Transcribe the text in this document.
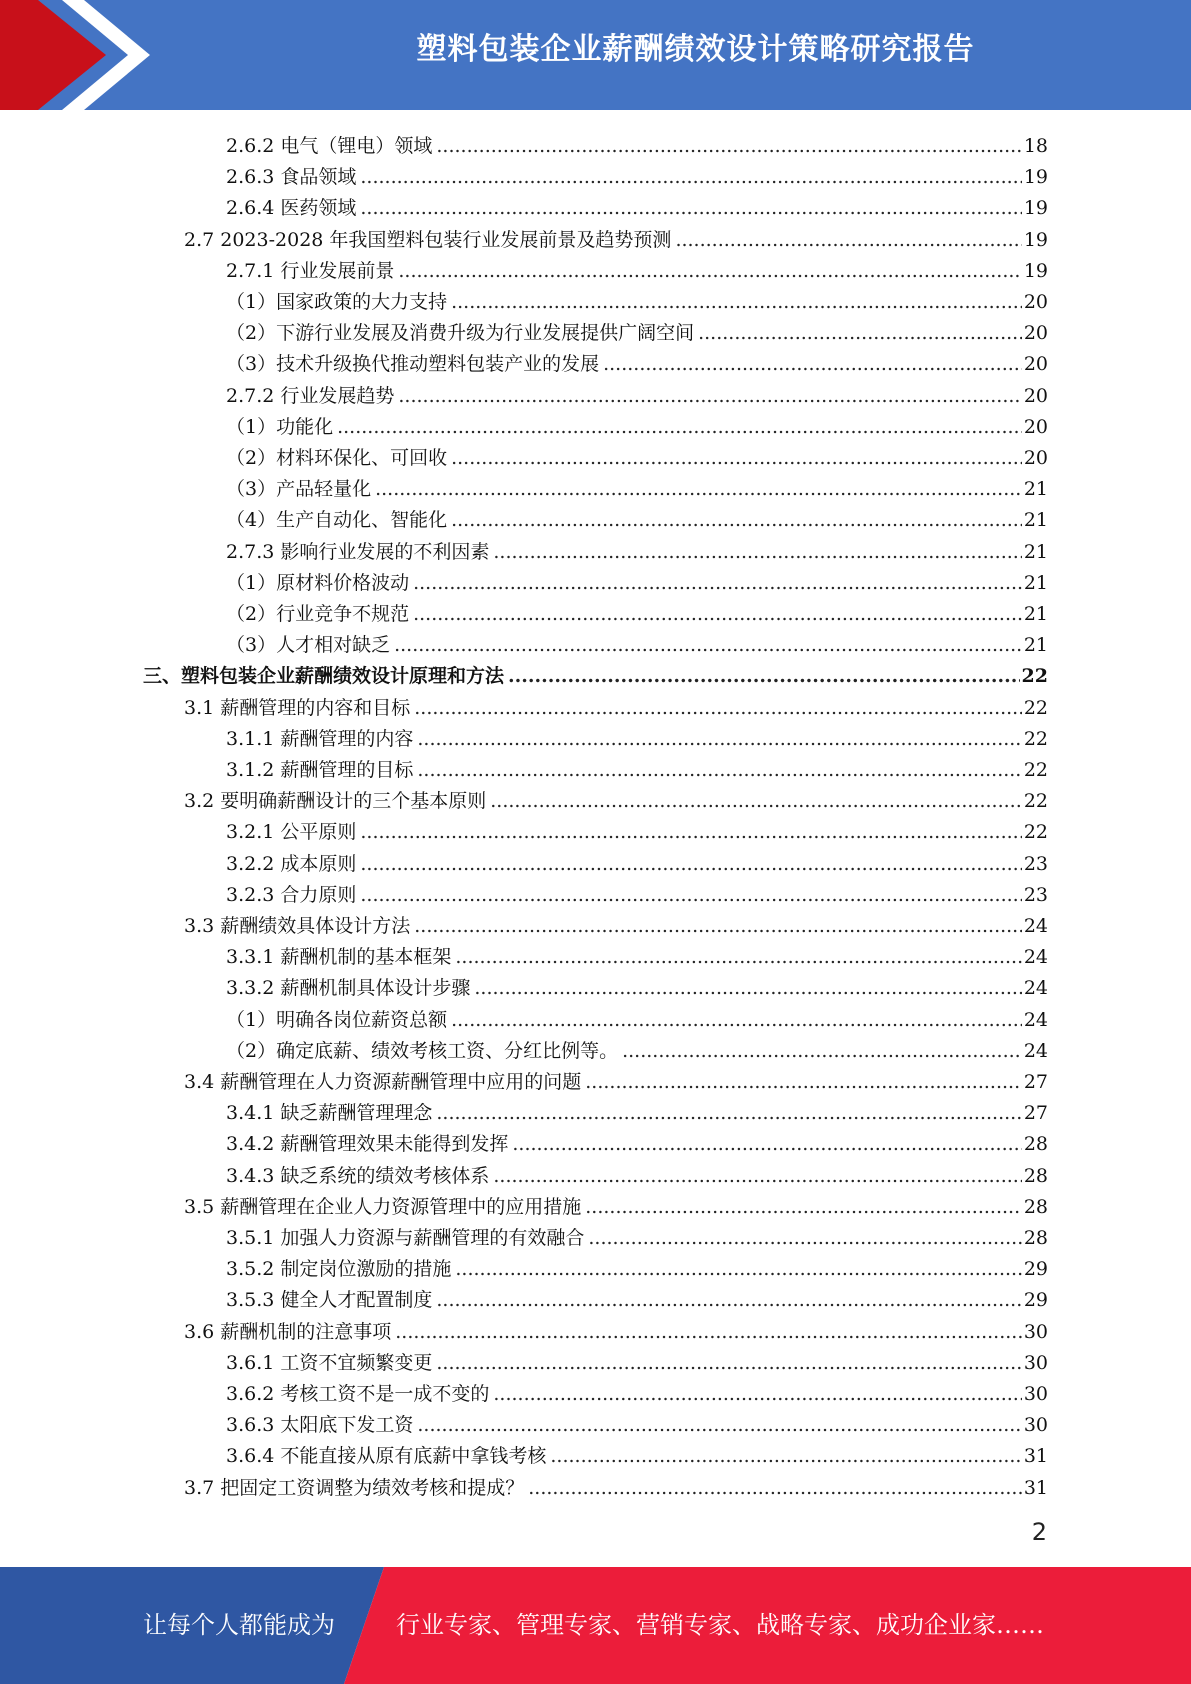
塑料包装企业薪酬绩效设计策略研究报告
2.6.2 电气（锂电）领域 .....	18
2.6.3 食品领域 .....	19
2.6.4 医药领域 .....	19
2.7 2023-2028 年我国塑料包装行业发展前景及趋势预测 .....	19
2.7.1 行业发展前景 .....	19
（1）国家政策的大力支持 .....	20
（2）下游行业发展及消费升级为行业发展提供广阔空间 .....	20
（3）技术升级换代推动塑料包装产业的发展 .....	20
2.7.2 行业发展趋势 .....	20
（1）功能化 .....	20
（2）材料环保化、可回收 .....	20
（3）产品轻量化 .....	21
（4）生产自动化、智能化 .....	21
2.7.3 影响行业发展的不利因素 .....	21
（1）原材料价格波动 .....	21
（2）行业竞争不规范 .....	21
（3）人才相对缺乏 .....	21
三、塑料包装企业薪酬绩效设计原理和方法 .....	22
3.1 薪酬管理的内容和目标 .....	22
3.1.1 薪酬管理的内容 .....	22
3.1.2 薪酬管理的目标 .....	22
3.2 要明确薪酬设计的三个基本原则 .....	22
3.2.1 公平原则 .....	22
3.2.2 成本原则 .....	23
3.2.3 合力原则 .....	23
3.3 薪酬绩效具体设计方法 .....	24
3.3.1 薪酬机制的基本框架 .....	24
3.3.2 薪酬机制具体设计步骤 .....	24
（1）明确各岗位薪资总额 .....	24
（2）确定底薪、绩效考核工资、分红比例等。 .....	24
3.4 薪酬管理在人力资源薪酬管理中应用的问题 .....	27
3.4.1 缺乏薪酬管理理念 .....	27
3.4.2 薪酬管理效果未能得到发挥 .....	28
3.4.3 缺乏系统的绩效考核体系 .....	28
3.5 薪酬管理在企业人力资源管理中的应用措施 .....	28
3.5.1 加强人力资源与薪酬管理的有效融合 .....	28
3.5.2 制定岗位激励的措施 .....	29
3.5.3 健全人才配置制度 .....	29
3.6 薪酬机制的注意事项 .....	30
3.6.1 工资不宜频繁变更 .....	30
3.6.2 考核工资不是一成不变的 .....	30
3.6.3 太阳底下发工资 .....	30
3.6.4 不能直接从原有底薪中拿钱考核 .....	31
3.7 把固定工资调整为绩效考核和提成？ .....	31
2
让每个人都能成为	行业专家、管理专家、营销专家、战略专家、成功企业家……
